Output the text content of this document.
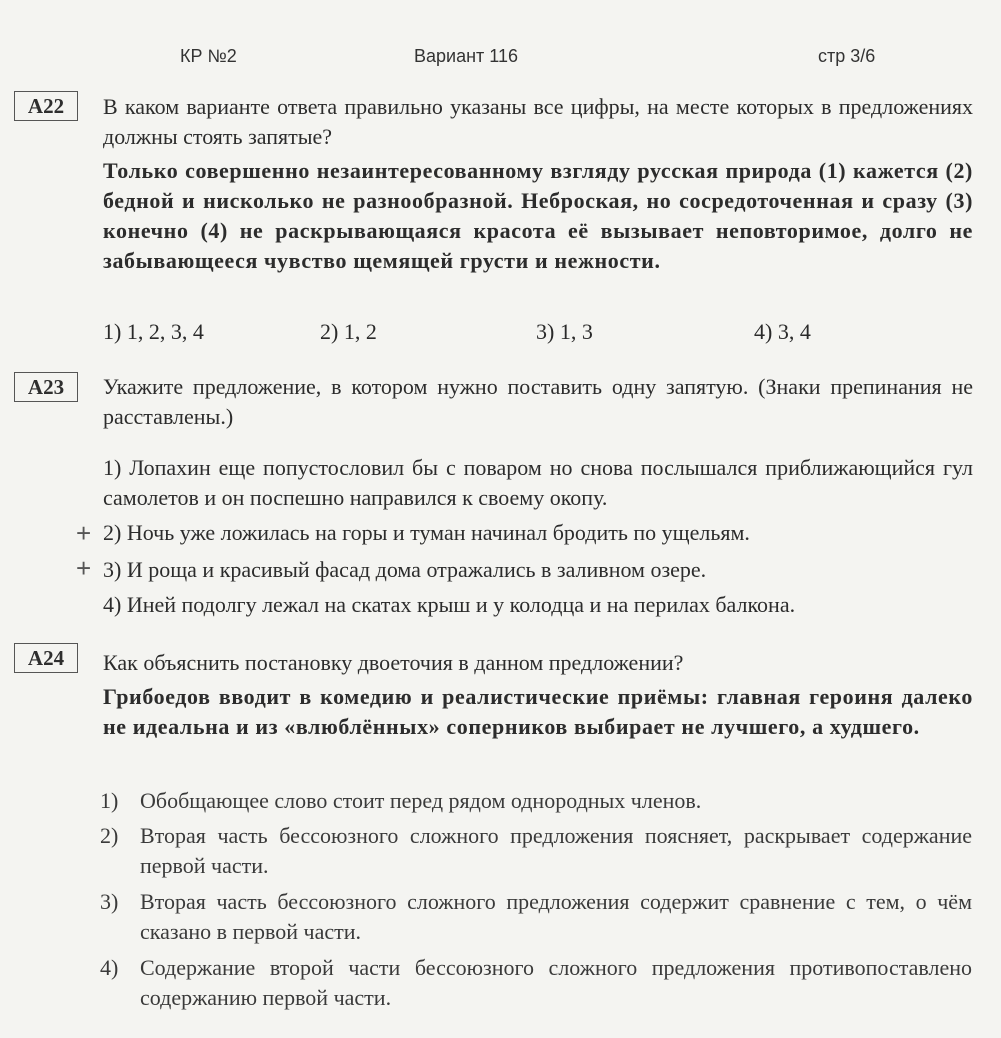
КР №2	Вариант 116	стр 3/6
А22	В каком варианте ответа правильно указаны все цифры, на месте которых в предложениях должны стоять запятые?
Только совершенно незаинтересованному взгляду русская природа (1) кажется (2) бедной и нисколько не разнообразной. Неброская, но сосредоточенная и сразу (3) конечно (4) не раскрывающаяся красота её вызывает неповторимое, долго не забывающееся чувство щемящей грусти и нежности.
1) 1, 2, 3, 4	2) 1, 2	3) 1, 3	4) 3, 4
А23	Укажите предложение, в котором нужно поставить одну запятую. (Знаки препинания не расставлены.)
1) Лопахин еще попустословил бы с поваром но снова послышался приближающийся гул самолетов и он поспешно направился к своему окопу.
+ 2) Ночь уже ложилась на горы и туман начинал бродить по ущельям.
+ 3) И роща и красивый фасад дома отражались в заливном озере.
4) Иней подолгу лежал на скатах крыш и у колодца и на перилах балкона.
А24	Как объяснить постановку двоеточия в данном предложении?
Грибоедов вводит в комедию и реалистические приёмы: главная героиня далеко не идеальна и из «влюблённых» соперников выбирает не лучшего, а худшего.
1) Обобщающее слово стоит перед рядом однородных членов.
2) Вторая часть бессоюзного сложного предложения поясняет, раскрывает содержание первой части.
3) Вторая часть бессоюзного сложного предложения содержит сравнение с тем, о чём сказано в первой части.
4) Содержание второй части бессоюзного сложного предложения противопоставлено содержанию первой части.
